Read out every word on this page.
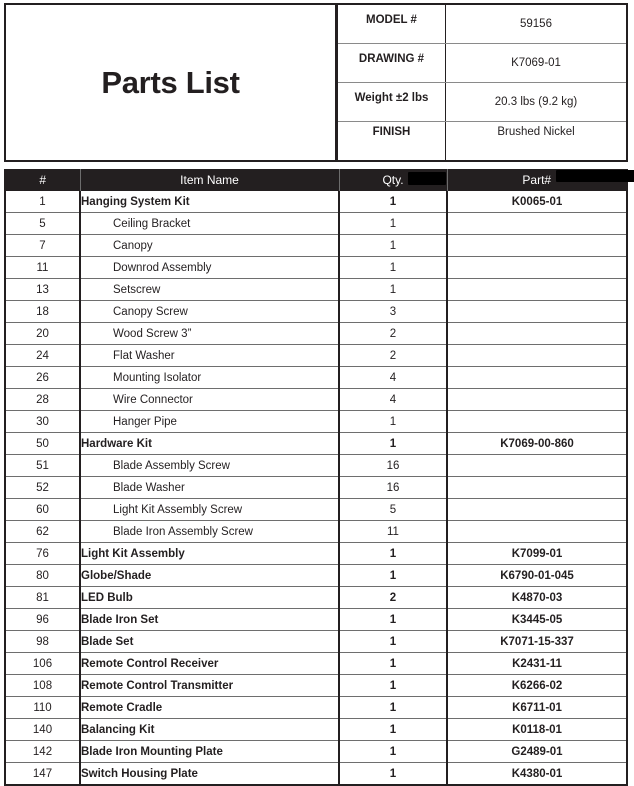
Parts List
MODEL #	59156
DRAWING #	K7069-01
Weight ±2 lbs	20.3 lbs (9.2 kg)
FINISH	Brushed Nickel
#	Item Name	Qty.	Part#

1	Hanging System Kit	1	K0065-01
5	Ceiling Bracket	1	
7	Canopy	1	
11	Downrod Assembly	1	
13	Setscrew	1	
18	Canopy Screw	3	
20	Wood Screw 3”	2	
24	Flat Washer	2	
26	Mounting Isolator	4	
28	Wire Connector	4	
30	Hanger Pipe	1	
50	Hardware Kit	1	K7069-00-860
51	Blade Assembly Screw	16	
52	Blade Washer	16	
60	Light Kit Assembly Screw	5	
62	Blade Iron Assembly Screw	11	
76	Light Kit Assembly	1	K7099-01
80	Globe/Shade	1	K6790-01-045
81	LED Bulb	2	K4870-03
96	Blade Iron Set	1	K3445-05
98	Blade Set	1	K7071-15-337
106	Remote Control Receiver	1	K2431-11
108	Remote Control Transmitter	1	K6266-02
110	Remote Cradle	1	K6711-01
140	Balancing Kit	1	K0118-01
142	Blade Iron Mounting Plate	1	G2489-01
147	Switch Housing Plate	1	K4380-01
